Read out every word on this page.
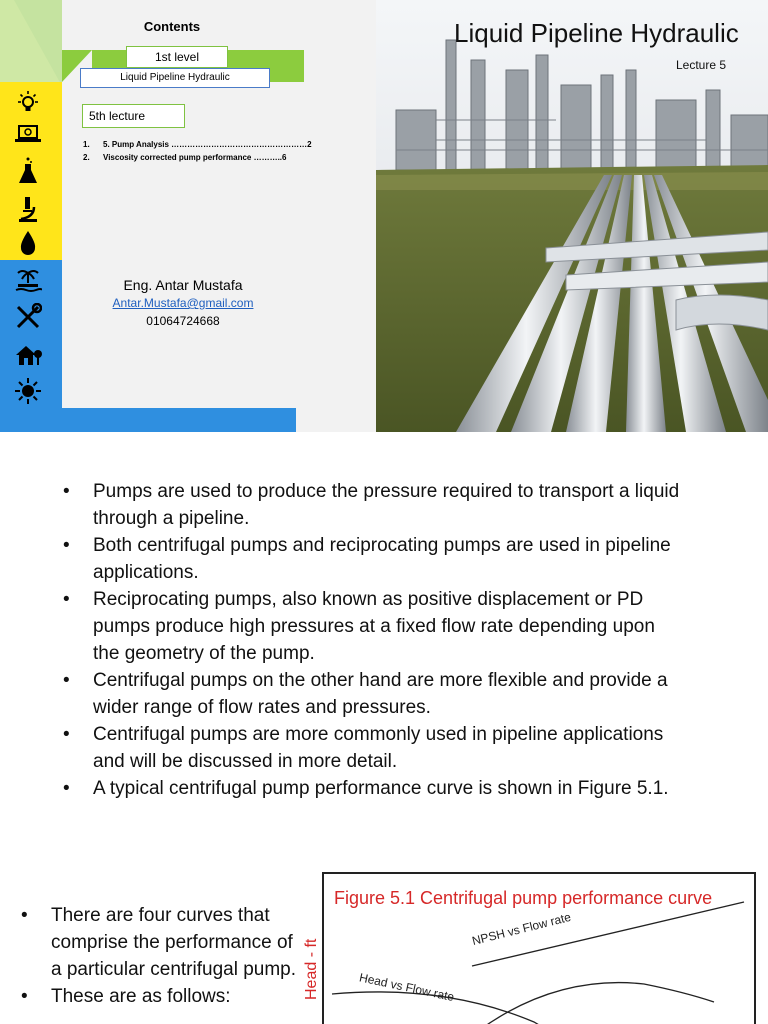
Contents
1st level
Liquid Pipeline Hydraulic
5th lecture
1.	5. Pump Analysis ……………………………………………2
2.	Viscosity corrected pump performance ………..6
Eng. Antar Mustafa
Antar.Mustafa@gmail.com
01064724668
Liquid Pipeline Hydraulic
Lecture 5
• Pumps are used to produce the pressure required to transport a liquid through a pipeline.
• Both centrifugal pumps and reciprocating pumps are used in pipeline applications.
• Reciprocating pumps, also known as positive displacement or PD pumps produce high pressures at a fixed flow rate depending upon the geometry of the pump.
• Centrifugal pumps on the other hand are more flexible and provide a wider range of flow rates and pressures.
• Centrifugal pumps are more commonly used in pipeline applications and will be discussed in more detail.
• A typical centrifugal pump performance curve is shown in Figure 5.1.
• There are four curves that comprise the performance of a particular centrifugal pump.
• These are as follows:
Figure 5.1 Centrifugal pump performance curve
NPSH vs Flow rate
Head vs Flow rate
Head - ft
